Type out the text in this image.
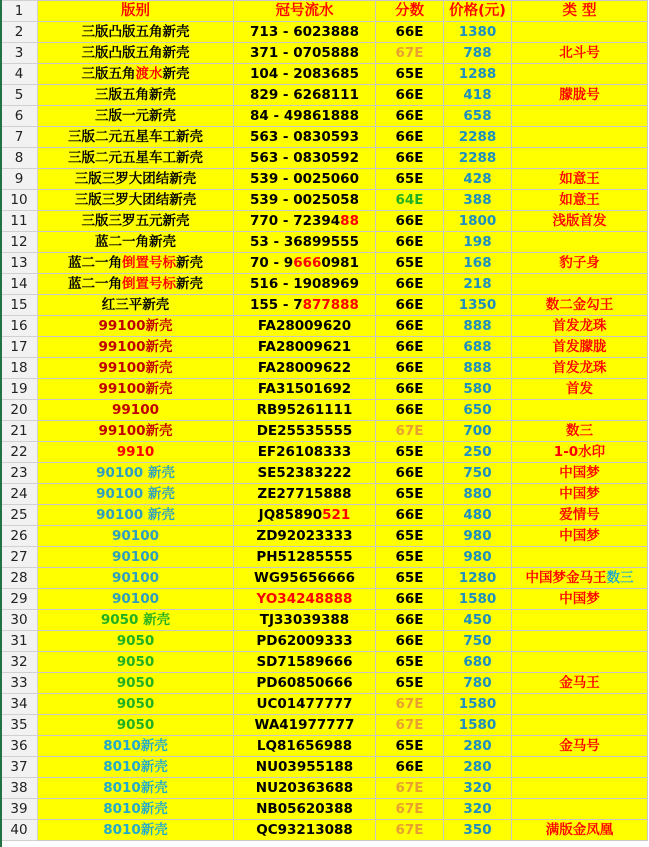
1	版别	冠号流水	分数	价格(元)	类 型
2	三版凸版五角新壳	713 - 6023888	66E	1380	
3	三版凸版五角新壳	371 - 0705888	67E	788	北斗号
4	三版五角渡水新壳	104 - 2083685	65E	1288	
5	三版五角新壳	829 - 6268111	66E	418	朦胧号
6	三版一元新壳	84 - 49861888	66E	658	
7	三版二元五星车工新壳	563 - 0830593	66E	2288	
8	三版二元五星车工新壳	563 - 0830592	66E	2288	
9	三版三罗大团结新壳	539 - 0025060	65E	428	如意王
10	三版三罗大团结新壳	539 - 0025058	64E	388	如意王
11	三版三罗五元新壳	770 - 7239488	66E	1800	浅版首发
12	蓝二一角新壳	53 - 36899555	66E	198	
13	蓝二一角倒置号标新壳	70 - 96660981	65E	168	豹子身
14	蓝二一角倒置号标新壳	516 - 1908969	66E	218	
15	红三平新壳	155 - 7877888	66E	1350	数二金勾王
16	99100新壳	FA28009620	66E	888	首发龙珠
17	99100新壳	FA28009621	66E	688	首发朦胧
18	99100新壳	FA28009622	66E	888	首发龙珠
19	99100新壳	FA31501692	66E	580	首发
20	99100	RB95261111	66E	650	
21	99100新壳	DE25535555	67E	700	数三
22	9910	EF26108333	65E	250	1-0水印
23	90100 新壳	SE52383222	66E	750	中国梦
24	90100 新壳	ZE27715888	65E	880	中国梦
25	90100 新壳	JQ85890521	66E	480	爱情号
26	90100	ZD92023333	65E	980	中国梦
27	90100	PH51285555	65E	980	
28	90100	WG95656666	65E	1280	中国梦金马王数三
29	90100	YO34248888	66E	1580	中国梦
30	9050 新壳	TJ33039388	66E	450	
31	9050	PD62009333	66E	750	
32	9050	SD71589666	65E	680	
33	9050	PD60850666	65E	780	金马王
34	9050	UC01477777	67E	1580	
35	9050	WA41977777	67E	1580	
36	8010新壳	LQ81656988	65E	280	金马号
37	8010新壳	NU03955188	66E	280	
38	8010新壳	NU20363688	67E	320	
39	8010新壳	NB05620388	67E	320	
40	8010新壳	QC93213088	67E	350	满版金凤凰
